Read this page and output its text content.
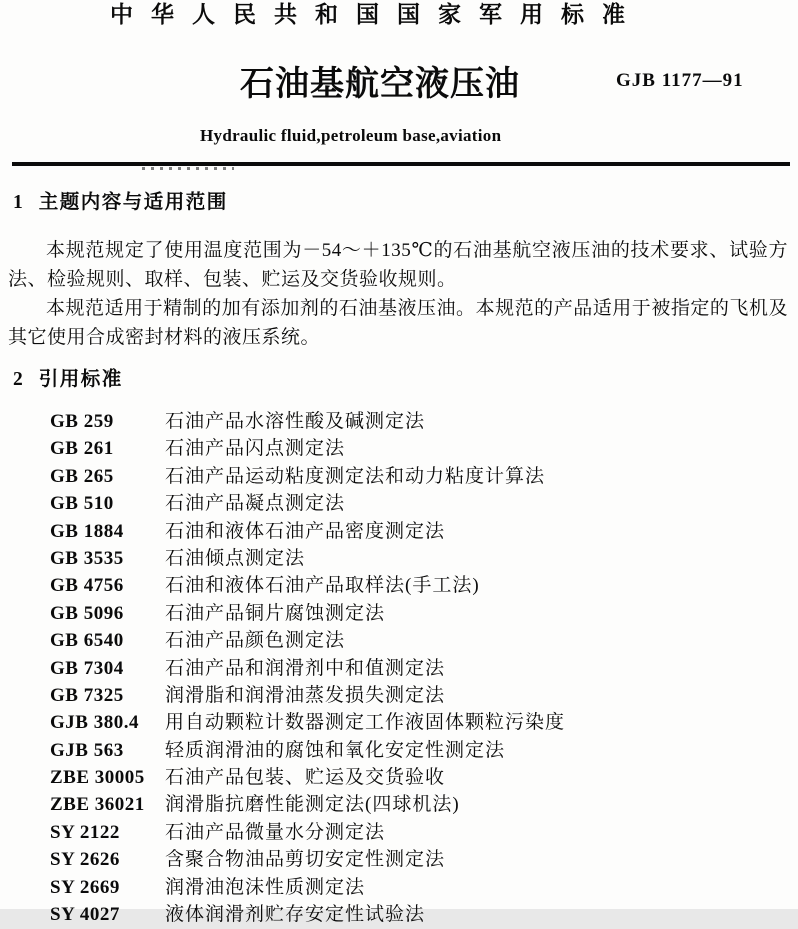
中华人民共和国国家军用标准
石油基航空液压油	GJB 1177—91
Hydraulic fluid,petroleum base,aviation
1 主题内容与适用范围

本规范规定了使用温度范围为－54～＋135℃的石油基航空液压油的技术要求、试验方法、检验规则、取样、包装、贮运及交货验收规则。

本规范适用于精制的加有添加剂的石油基液压油。本规范的产品适用于被指定的飞机及其它使用合成密封材料的液压系统。

2 引用标准
GB 259	石油产品水溶性酸及碱测定法
GB 261	石油产品闪点测定法
GB 265	石油产品运动粘度测定法和动力粘度计算法
GB 510	石油产品凝点测定法
GB 1884 石油和液体石油产品密度测定法
GB 3535 石油倾点测定法
GB 4756 石油和液体石油产品取样法(手工法)
GB 5096 石油产品铜片腐蚀测定法
GB 6540 石油产品颜色测定法
GB 7304 石油产品和润滑剂中和值测定法
GB 7325 润滑脂和润滑油蒸发损失测定法
GJB 380.4 用自动颗粒计数器测定工作液固体颗粒污染度
GJB 563 轻质润滑油的腐蚀和氧化安定性测定法
ZBE 30005 石油产品包装、贮运及交货验收
ZBE 36021 润滑脂抗磨性能测定法(四球机法)
SY 2122 石油产品微量水分测定法
SY 2626 含聚合物油品剪切安定性测定法
SY 2669 润滑油泡沫性质测定法
SY 4027 液体润滑剂贮存安定性试验法
